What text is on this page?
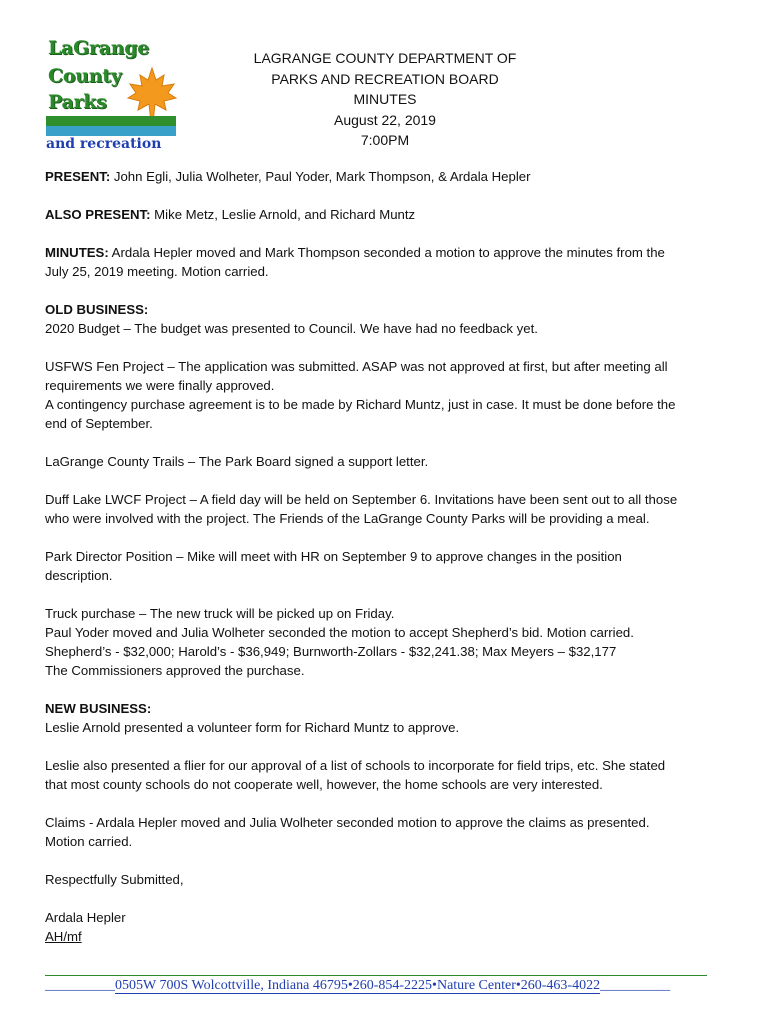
LaGrange
County
Parks
and recreation
LAGRANGE COUNTY DEPARTMENT OF
PARKS AND RECREATION BOARD
MINUTES
August 22, 2019
7:00PM

PRESENT: John Egli, Julia Wolheter, Paul Yoder, Mark Thompson, & Ardala Hepler

ALSO PRESENT: Mike Metz, Leslie Arnold, and Richard Muntz

MINUTES: Ardala Hepler moved and Mark Thompson seconded a motion to approve the minutes from the
July 25, 2019 meeting. Motion carried.

OLD BUSINESS:
2020 Budget – The budget was presented to Council. We have had no feedback yet.

USFWS Fen Project – The application was submitted. ASAP was not approved at first, but after meeting all
requirements we were finally approved.
A contingency purchase agreement is to be made by Richard Muntz, just in case. It must be done before the
end of September.

LaGrange County Trails – The Park Board signed a support letter.

Duff Lake LWCF Project – A field day will be held on September 6. Invitations have been sent out to all those
who were involved with the project. The Friends of the LaGrange County Parks will be providing a meal.

Park Director Position – Mike will meet with HR on September 9 to approve changes in the position
description.

Truck purchase – The new truck will be picked up on Friday.
Paul Yoder moved and Julia Wolheter seconded the motion to accept Shepherd’s bid. Motion carried.
Shepherd’s - $32,000; Harold’s - $36,949; Burnworth-Zollars - $32,241.38; Max Meyers – $32,177
The Commissioners approved the purchase.

NEW BUSINESS:
Leslie Arnold presented a volunteer form for Richard Muntz to approve.

Leslie also presented a flier for our approval of a list of schools to incorporate for field trips, etc. She stated
that most county schools do not cooperate well, however, the home schools are very interested.

Claims - Ardala Hepler moved and Julia Wolheter seconded motion to approve the claims as presented.
Motion carried.

Respectfully Submitted,

Ardala Hepler
AH/mf

__________0505W 700S Wolcottville, Indiana 46795•260-854-2225•Nature Center•260-463-4022__________
